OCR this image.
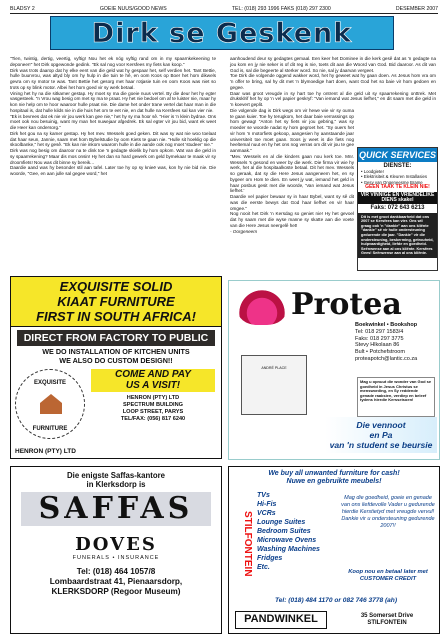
BLADSY 2	GOEIE NUUS/GOOD NEWS	TEL: (018) 293 1996 FAKS (018) 297 2300	DESEMBER 2007
Dirk se Geskenk

"Tien, twintig, dertig, veertig, vyftig! Nou het ek nóg vyftig rand om in my spaarnkekeening te deponeer!" het Dirk opgewonde gedink. "Ek sal nog voor Kersfees my fiets kan koop."

Dirk was trots daarop dat hy elke eent van die geld wat hy gespaar het, self verdien het. Tant Bettie, hulle buurvrou, was altyd bly om hy hulp in die tuin te hê, en oom Koos op Boer het hom dikwels gevra om sy motor te was. Tant Bettie het gesorg met haar rotjasie tuin en oom Koos was niet so trots op sy blink motor. Albei het hom goed vir sy werk betaal.

Vining het hy na die sitkamer gestap. Hy moet sy ma die goeie nuus vertel. By die deur het hy egter vasgesteek. "n Vrou wag besig om met sy ma te praat. Hy het nie bedoel om af te luister nie, maar hy kon nie help om te hoor waaroor hulle praat nie. Die dame het onder trane vertel dat haar man in die hospitaal is, dat hulle kilds nie in die huis het om te eet nie, en dat hulle na Kersfees sal kan vier nie.

"Ek is bevrees dat ek nie vir jou werk kan gee nie," het hy sy ma hoor sê. "Hier is 'n klein bydrae. Ons moet ook nou besuinig, want my man het nuwejaar afgedrek. Ek sal egter vir jou bid, want ek weet die Heer kan ondersorg."

Dirk het gou na sy kamer gestap. Hy het mev. Wessels goed geken. Dit was sy wat nie woo toelaat dat haar seun, Jannie, saam met hom Bybelstudie by oom Kiets te gaan nie. "Hulle sit hoeklig op die skoolbanke," het sy gesê. "Ek kan nie inkom waarom hulle in die aande ook nog moet 'studeer' nie."

Dirk was nog besig om daaroor na te dink toe 'n gedagte skielik by hom opkom. Wat van die geld in sy spaarrekening? Maar dis mos onsin! Hy het dan so hard gewerk om geld bymekaar te maak vir sy droomfiets! Nou was dit binne sy bereik...

Daardie aand was hy besonder stil aan tafel. Later toe hy op sy knieë was, kon hy nie bid nie. Die woorde, "Gee, en aan julle sal gegee word," het

aanhoudend deur sy gedagtes gemaal. Een keer het Dominee in die kerk gesê dat as 'n gedagte na jou kom en jy nie seker is of dit reg is nie, toets dit aan die Woord van God. Bid daaroor. As dit van God is, sal die begeerte al sterker word. So nie, sal jy daarvan vergeet.

Toe Dirk die volgende oggend wakker word, het hy geweet wat hy gaan doen. As Jesus hom vra om 'n offer te bring, sal hy dit met 'n blymoedige hart doen, want God het so baie vir hom gedoen en gegee.

Daar was groot vreugde in sy hart toe hy ontrent al die geld uit sy spaarrekening onttrek. Met druksklrif het hy op 'n vel papier geskryf: "Van iemand wat Jesus liefhet," en dit saam met die geld in 'n koevert geplit.

Die volgende dag is Dirk wegs om vir hewe wie vir sy ouma te gaan kuier. Toe hy terugkom, het daar baie verrassings op hom gewag! "Anton het sy fiets vir jou gebring," was sy moeder se woorde nadat sy hom gegroet het. "Sy ouers het vir hom 'n motorfiets gekoop, aangesien hy aanstaande jaar universiteit toe moet gaan. Soos jy weet is die fiets nog heeltemal nuut en hy het ons nog verras om dit vir jou te gee aanmaak."

"Mev. Wessels en al die kinders gaan nou kerk toe. Mnr. Wessels 's gesond en weer by die werk. Die firma vir wie hy werk, het al die hospitaalkoste betaal. Dit het mev. Wessels so geraak, dat sy die Here Jesus aangeneem het, en sy bygeer om Hom te dien. En weet jy wat, iemand het geld in haar posbus gesit met die woorde, 'Van iemand wat Jesus liefhet.'

Daardie vel papier bewaar sy in haar Bybel, want sy sê dit was die eerste bewys dat God haar liefhet en vir haar omgee."

Nog nooit het Dirk 'n Kersdag so geniet nie! Hy het gevoel dat hy saam met die wyse manne sy skatte aan die voete van die Here Jesus neergelê het!

- Oorgeneem

QUICK SERVICES
DIENSTE:
• Loodgieter
• Elektrisiteit & Kleuren Installasies
• Gesy van Ongeneesme Brame
GEEN TAAK TE KLEIN NIE!
VIR VINNIGE EN VRIENDELIKE DIENS skakel
Faks: 072 643 6213
Dit is met groot dankbaarheid dat ons 2007 se Kersfees kan vier. Ons wil graag ook 'n "dankie" aan ons kliënte "dankie" sê vir hulle ondersteuning gedurende die jaar. "Dankie" vir die ondersteuning, beskerming, getrouheid, hulpvaardigheid, liefde en goedheid. Seënwense aan al ons kliënte. Kersfees Gees! Seënwense aan al ons kliënte.
EXQUISITE SOLID
KIAAT FURNITURE
FIRST IN SOUTH AFRICA!
DIRECT FROM FACTORY TO PUBLIC
WE DO INSTALLATION OF KITCHEN UNITS
WE ALSO DO CUSTOM DESIGN!!
EXQUISITE
FURNITURE
COME AND PAY
US A VISIT!
HENRON (PTY) LTD
SPECTRUM BUILDING
LOOP STREET, PARYS
TEL/FAX: (056) 817 6240
HENRON (PTY) LTD
Protea
Boekwinkel • Bookshop
Tel: 018 297 1583/4
Faks: 018 297 3775
Stevy Hlkolaan 86
Bult • Potchefstroom
proteapotch@lantic.co.za
ANDRÉ PLACE
Mag u opnuut die wonder van God se goedheid in Jesus Christus se menswording, en Sy reddende genade raaksien, verdiep en beleef tydens hierdie Kersseisoen!
Die vennoot
en Pa
van 'n student se beursie
Die enigste Saffas-kantore
in Klerksdorp is
SAFFAS
DOVES
FUNERALS • INSURANCE
Tel: (018) 464 1057/8
Lombaardstraat 41, Pienaarsdorp,
KLERKSDORP (Regoor Museum)
We buy all unwanted furniture for cash!
Nuwe en gebruikte meubels!
STILFONTEIN
TVs
Hi-Fis
VCRs
Lounge Suites
Bedroom Suites
Microwave Ovens
Washing Machines
Fridges
Etc.
Mag die goedheid, goeie en genade van ons liefdevolle Vader u gedurende hierdie Kerstietyd met vreugde vervul! Dankie vir u ondersteuning gedurende 2007!!
Koop nou en betaal later met CUSTOMER CREDIT
Tel: (018) 484 1170 or 082 746 3778 (ah)
PANDWINKEL	35 Somerset Drive
STILFONTEIN
